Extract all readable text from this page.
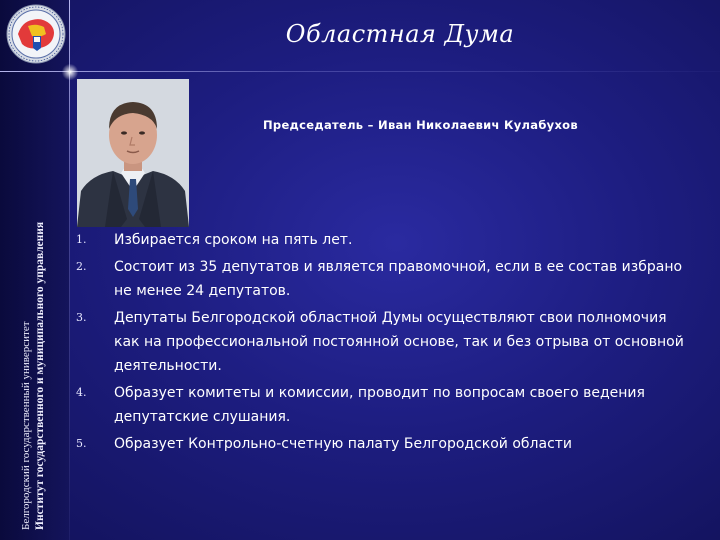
Белгородский государственный университет Институт государственного и муниципального управления
Областная Дума
Председатель – Иван Николаевич Кулабухов
1. Избирается сроком на пять лет.
2. Состоит из 35 депутатов и является правомочной, если в ее состав избрано не менее 24 депутатов.
3. Депутаты Белгородской областной Думы осуществляют свои полномочия как на профессиональной постоянной основе, так и без отрыва от основной деятельности.
4. Образует комитеты и комиссии, проводит по вопросам своего ведения депутатские слушания.
5. Образует Контрольно-счетную палату Белгородской области
